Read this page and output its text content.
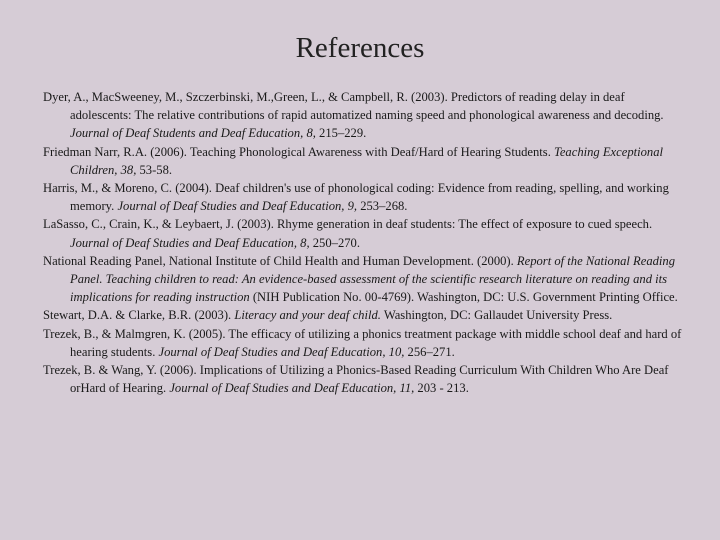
References
Dyer, A., MacSweeney, M., Szczerbinski, M.,Green, L., & Campbell, R. (2003). Predictors of reading delay in deaf adolescents: The relative contributions of rapid automatized naming speed and phonological awareness and decoding. Journal of Deaf Students and Deaf Education, 8, 215–229.
Friedman Narr, R.A. (2006). Teaching Phonological Awareness with Deaf/Hard of Hearing Students. Teaching Exceptional Children, 38, 53-58.
Harris, M., & Moreno, C. (2004). Deaf children's use of phonological coding: Evidence from reading, spelling, and working memory. Journal of Deaf Studies and Deaf Education, 9, 253–268.
LaSasso, C., Crain, K., & Leybaert, J. (2003). Rhyme generation in deaf students: The effect of exposure to cued speech. Journal of Deaf Studies and Deaf Education, 8, 250–270.
National Reading Panel, National Institute of Child Health and Human Development. (2000). Report of the National Reading
Panel. Teaching children to read: An evidence-based assessment of the scientific research literature on reading and its implications for reading instruction (NIH Publication No. 00-4769). Washington, DC: U.S. Government Printing Office.
Stewart, D.A. & Clarke, B.R. (2003). Literacy and your deaf child. Washington, DC: Gallaudet University Press.
Trezek, B., & Malmgren, K. (2005). The efficacy of utilizing a phonics treatment package with middle school deaf and hard of hearing students. Journal of Deaf Studies and Deaf Education, 10, 256–271.
Trezek, B. & Wang, Y. (2006). Implications of Utilizing a Phonics-Based Reading Curriculum With Children Who Are Deaf orHard of Hearing. Journal of Deaf Studies and Deaf Education, 11, 203 - 213.
